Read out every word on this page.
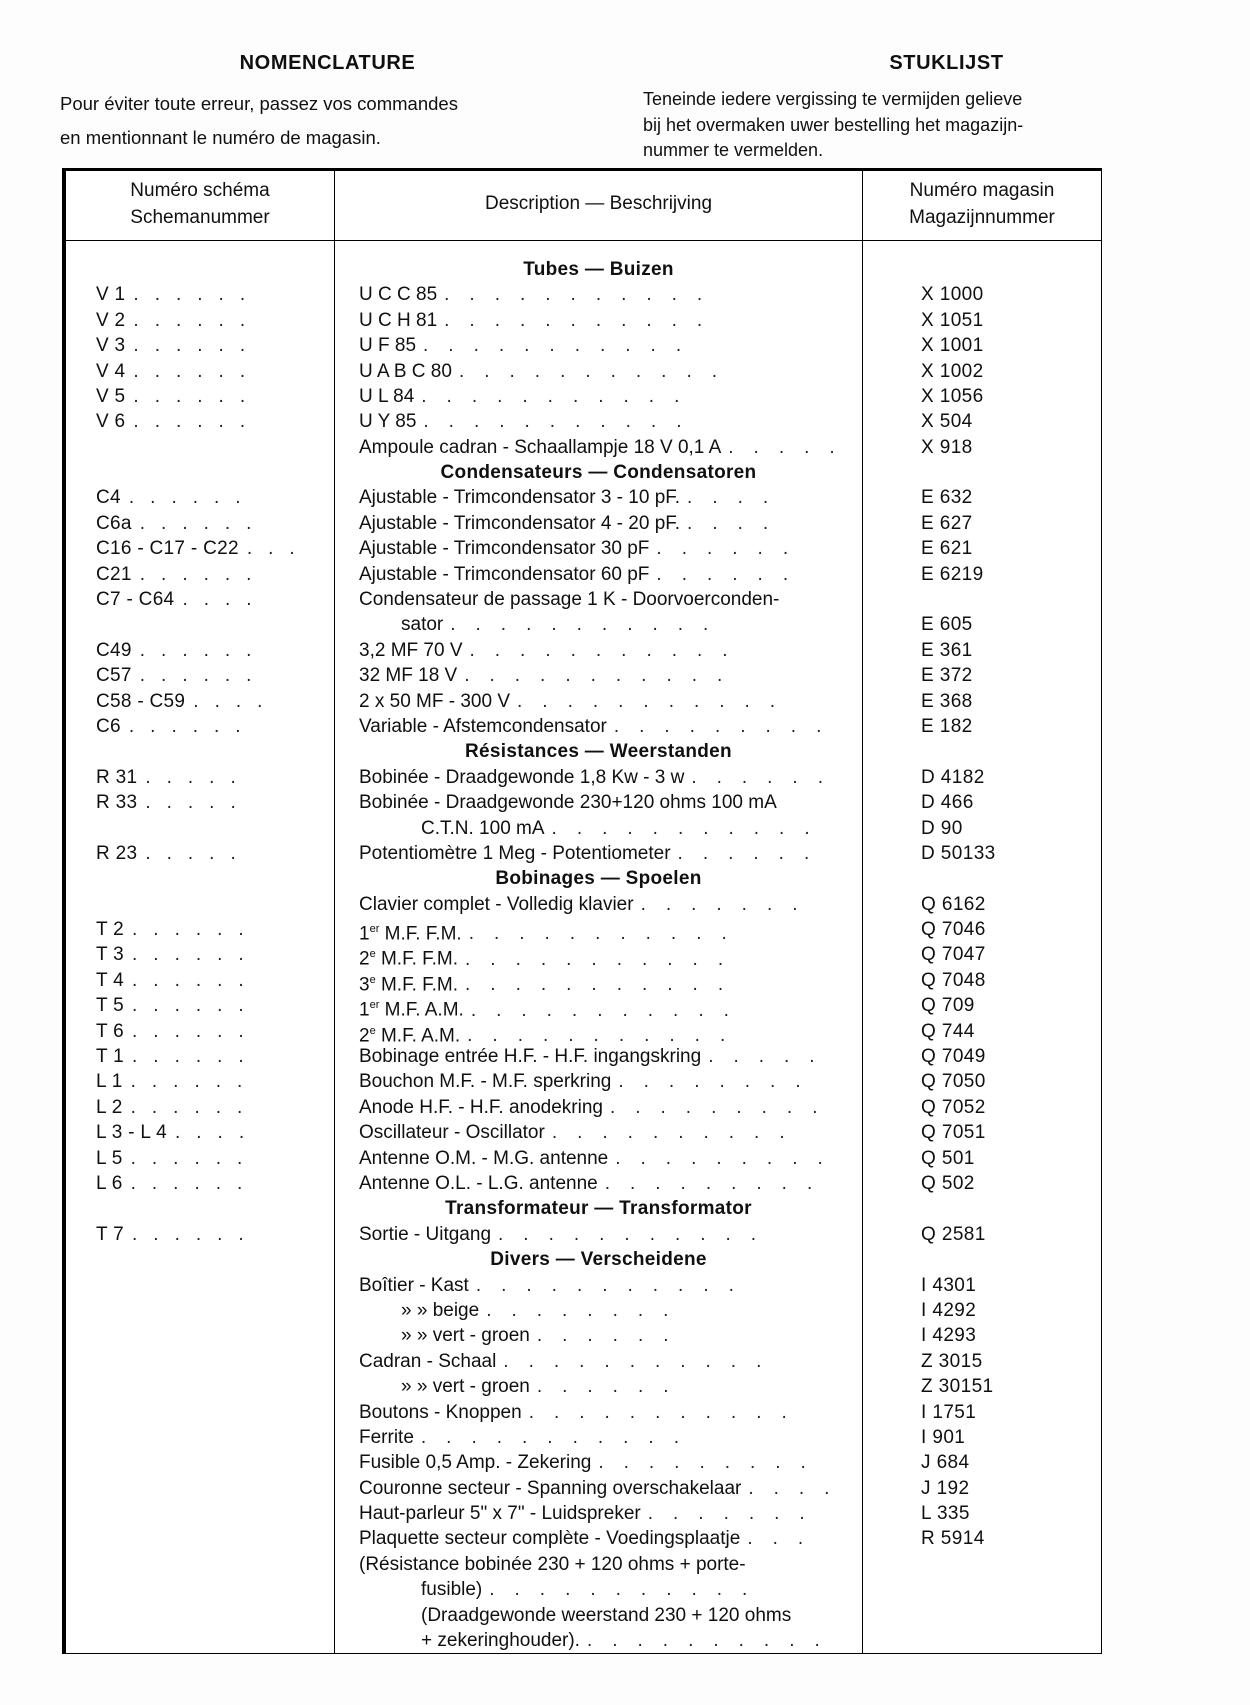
NOMENCLATURE
Pour éviter toute erreur, passez vos commandes
en mentionnant le numéro de magasin.
STUKLIJST
Teneinde iedere vergissing te vermijden gelieve
bij het overmaken uwer bestelling het magazijn-
nummer te vermelden.
Numéro schéma
Schemanummer
Description — Beschrijving
Numéro magasin
Magazijnnummer

V 1 ......
V 2 ......
V 3 ......
V 4 ......
V 5 ......
V 6 ......

C4 ......
C6a ......
C16 - C17 - C22 ...
C21 ......
C7 - C64 ....

C49 ......
C57 ......
C58 - C59 ....
C6 ......

R 31 .....
R 33 .....

R 23 .....

T 2 ......
T 3 ......
T 4 ......
T 5 ......
T 6 ......
T 1 ......
L 1 ......
L 2 ......
L 3 - L 4 ....
L 5 ......
L 6 ......

T 7 ......

Tubes — Buizen
U C C 85 ...........
U C H 81 ...........
U F 85 ...........
U A B C 80 ...........
U L 84 ...........
U Y 85 ...........
Ampoule cadran - Schaallampje 18 V 0,1 A .....
Condensateurs — Condensatoren
Ajustable - Trimcondensator 3 - 10 pF. ....
Ajustable - Trimcondensator 4 - 20 pF. ....
Ajustable - Trimcondensator 30 pF ......
Ajustable - Trimcondensator 60 pF ......
Condensateur de passage 1 K - Doorvoerconden-
sator ...........
3,2 MF 70 V ...........
32 MF 18 V ...........
2 x 50 MF - 300 V ...........
Variable - Afstemcondensator .........
Résistances — Weerstanden
Bobinée - Draadgewonde 1,8 Kw - 3 w ......
Bobinée - Draadgewonde 230+120 ohms 100 mA
C.T.N. 100 mA ...........
Potentiomètre 1 Meg - Potentiometer ......
Bobinages — Spoelen
Clavier complet - Volledig klavier .......
1er M.F. F.M. ...........
2e M.F. F.M. ...........
3e M.F. F.M. ...........
1er M.F. A.M. ...........
2e M.F. A.M. ...........
Bobinage entrée H.F. - H.F. ingangskring .....
Bouchon M.F. - M.F. sperkring ........
Anode H.F. - H.F. anodekring .........
Oscillateur - Oscillator ..........
Antenne O.M. - M.G. antenne .........
Antenne O.L. - L.G. antenne .........
Transformateur — Transformator
Sortie - Uitgang ...........
Divers — Verscheidene
Boîtier - Kast ...........
» » beige ........
» » vert - groen ......
Cadran - Schaal ...........
» » vert - groen ......
Boutons - Knoppen ...........
Ferrite ...........
Fusible 0,5 Amp. - Zekering .........
Couronne secteur - Spanning overschakelaar ....
Haut-parleur 5" x 7" - Luidspreker .......
Plaquette secteur complète - Voedingsplaatje ...
(Résistance bobinée 230 + 120 ohms + porte-
fusible) ...........
(Draadgewonde weerstand 230 + 120 ohms
+ zekeringhouder). ..........

X 1000
X 1051
X 1001
X 1002
X 1056
X 504
X 918

E 632
E 627
E 621
E 6219

E 605
E 361
E 372
E 368
E 182

D 4182
D 466
D 90
D 50133

Q 6162
Q 7046
Q 7047
Q 7048
Q 709
Q 744
Q 7049
Q 7050
Q 7052
Q 7051
Q 501
Q 502

Q 2581

I 4301
I 4292
I 4293
Z 3015
Z 30151
I 1751
I 901
J 684
J 192
L 335
R 5914
